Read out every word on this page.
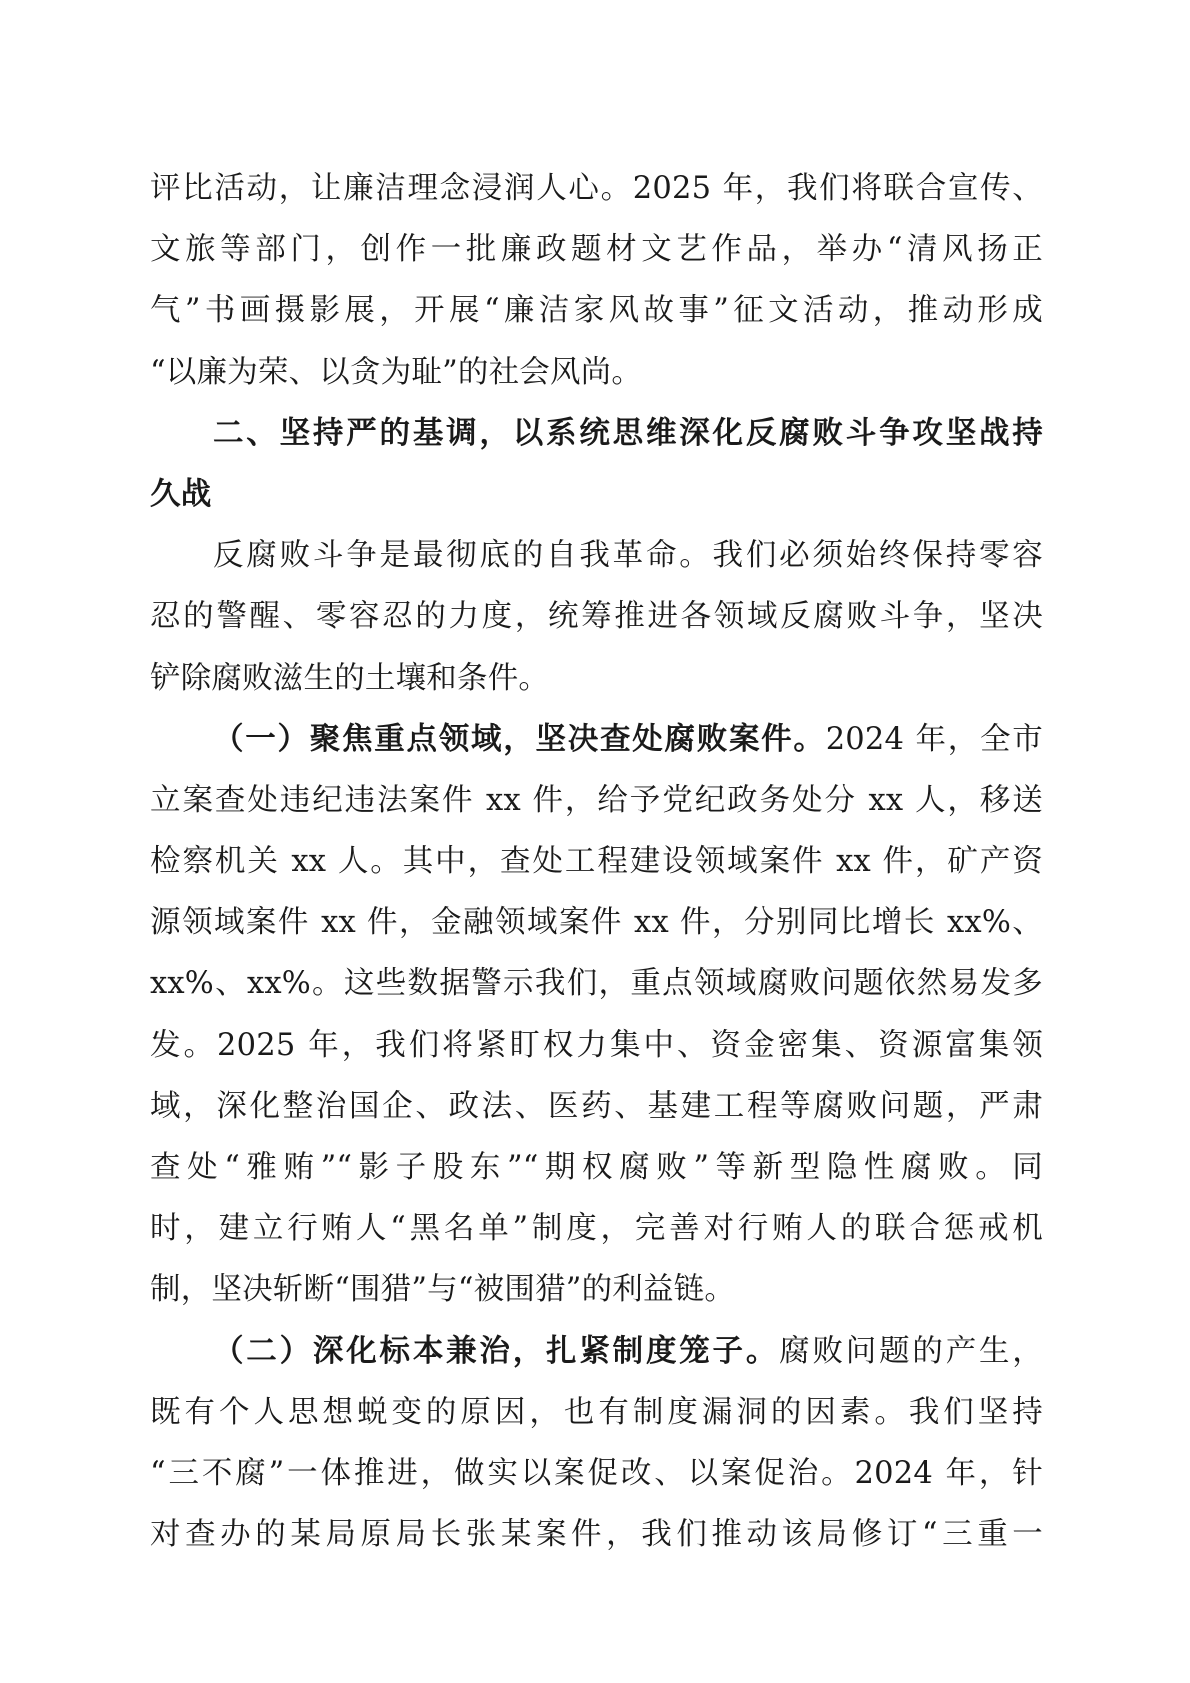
评比活动，让廉洁理念浸润人心。2025 年，我们将联合宣传、
文旅等部门，创作一批廉政题材文艺作品，举办“清风扬正
气”书画摄影展，开展“廉洁家风故事”征文活动，推动形成
“以廉为荣、以贪为耻”的社会风尚。
二、坚持严的基调，以系统思维深化反腐败斗争攻坚战持
久战
反腐败斗争是最彻底的自我革命。我们必须始终保持零容
忍的警醒、零容忍的力度，统筹推进各领域反腐败斗争，坚决
铲除腐败滋生的土壤和条件。
（一）聚焦重点领域，坚决查处腐败案件。2024 年，全市
立案查处违纪违法案件 xx 件，给予党纪政务处分 xx 人，移送
检察机关 xx 人。其中，查处工程建设领域案件 xx 件，矿产资
源领域案件 xx 件，金融领域案件 xx 件，分别同比增长 xx%、
xx%、xx%。这些数据警示我们，重点领域腐败问题依然易发多
发。2025 年，我们将紧盯权力集中、资金密集、资源富集领
域，深化整治国企、政法、医药、基建工程等腐败问题，严肃
查处“雅贿”“影子股东”“期权腐败”等新型隐性腐败。同
时，建立行贿人“黑名单”制度，完善对行贿人的联合惩戒机
制，坚决斩断“围猎”与“被围猎”的利益链。
（二）深化标本兼治，扎紧制度笼子。腐败问题的产生，
既有个人思想蜕变的原因，也有制度漏洞的因素。我们坚持
“三不腐”一体推进，做实以案促改、以案促治。2024 年，针
对查办的某局原局长张某案件，我们推动该局修订“三重一
